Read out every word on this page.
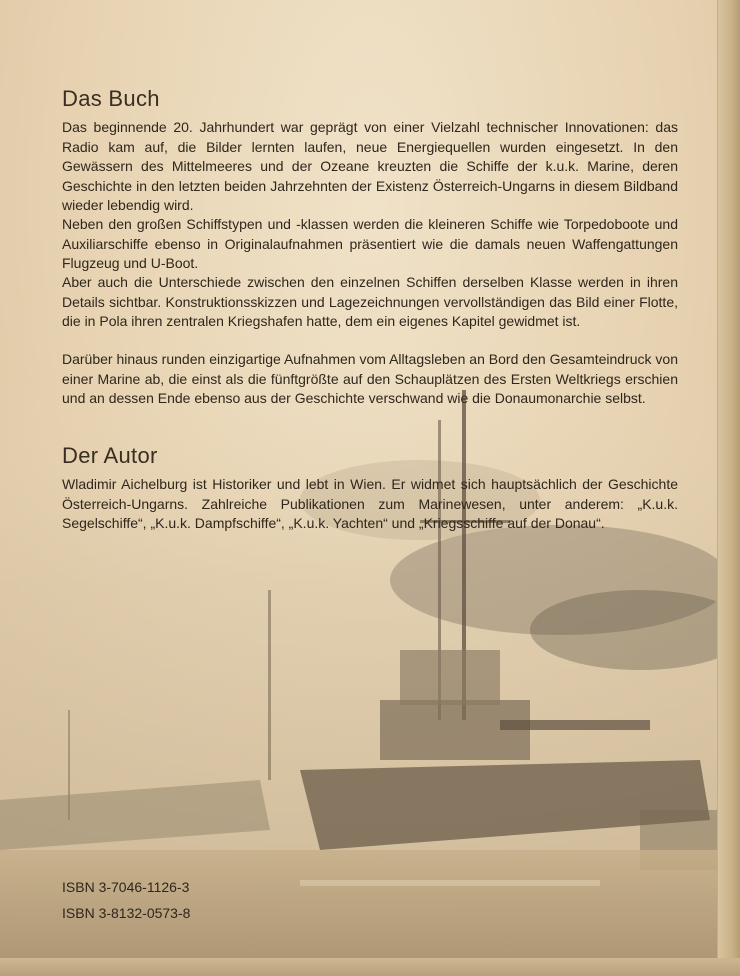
Das Buch

Das beginnende 20. Jahrhundert war geprägt von einer Vielzahl technischer Innovationen: das Radio kam auf, die Bilder lernten laufen, neue Energiequellen wurden eingesetzt. In den Gewässern des Mittelmeeres und der Ozeane kreuzten die Schiffe der k.u.k. Marine, deren Geschichte in den letzten beiden Jahrzehnten der Existenz Österreich-Ungarns in diesem Bildband wieder lebendig wird.

Neben den großen Schiffstypen und -klassen werden die kleineren Schiffe wie Torpedoboote und Auxiliarschiffe ebenso in Originalaufnahmen präsentiert wie die damals neuen Waffengattungen Flugzeug und U-Boot.

Aber auch die Unterschiede zwischen den einzelnen Schiffen derselben Klasse werden in ihren Details sichtbar. Konstruktionsskizzen und Lagezeichnungen vervollständigen das Bild einer Flotte, die in Pola ihren zentralen Kriegshafen hatte, dem ein eigenes Kapitel gewidmet ist.

Darüber hinaus runden einzigartige Aufnahmen vom Alltagsleben an Bord den Gesamteindruck von einer Marine ab, die einst als die fünftgrößte auf den Schauplätzen des Ersten Weltkriegs erschien und an dessen Ende ebenso aus der Geschichte verschwand wie die Donaumonarchie selbst.

Der Autor

Wladimir Aichelburg ist Historiker und lebt in Wien. Er widmet sich hauptsächlich der Geschichte Österreich-Ungarns. Zahlreiche Publikationen zum Marinewesen, unter anderem: „K.u.k. Segelschiffe“, „K.u.k. Dampfschiffe“, „K.u.k. Yachten“ und „Kriegsschiffe auf der Donau“.

ISBN 3-7046-1126-3

ISBN 3-8132-0573-8
